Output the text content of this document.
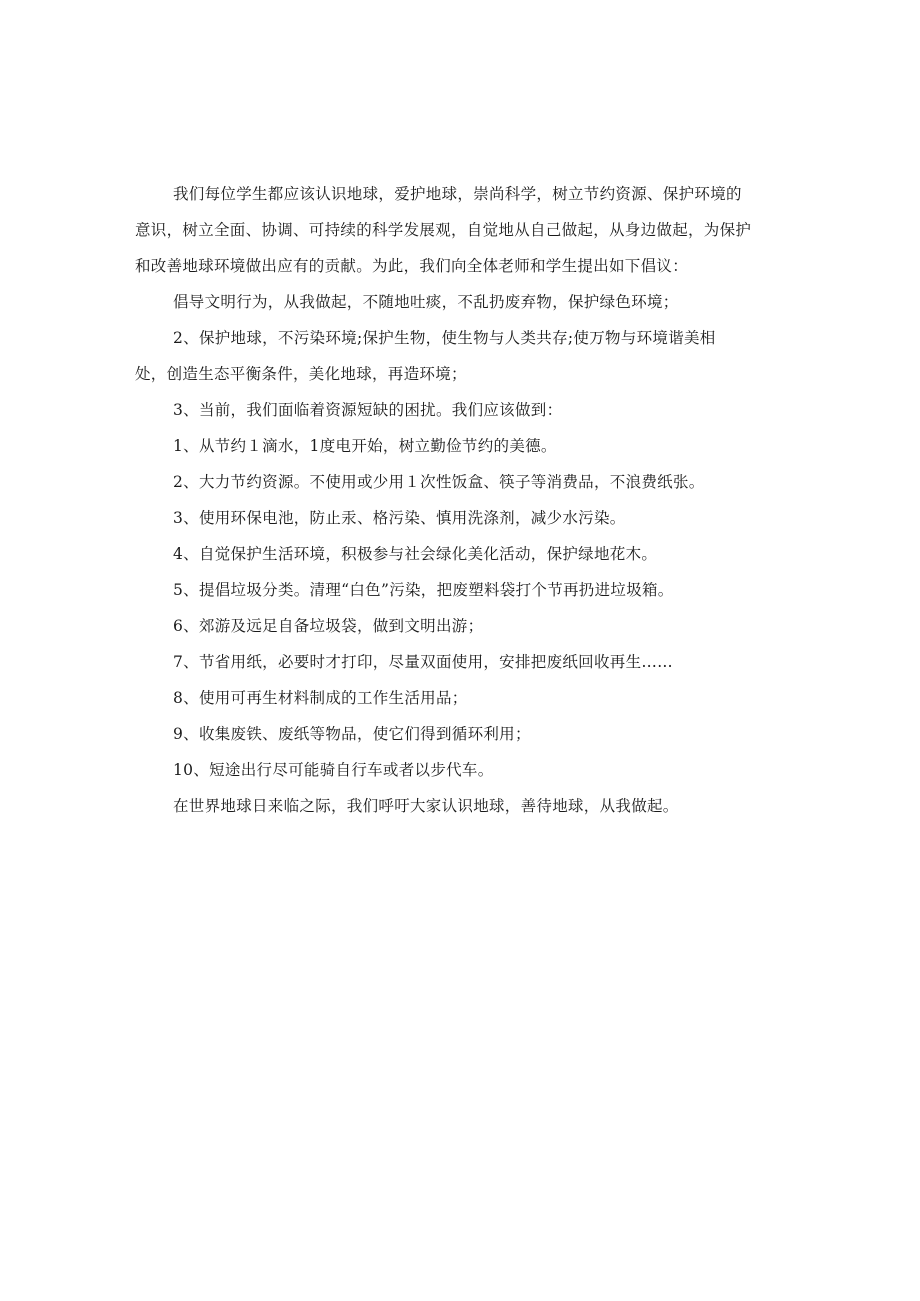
我们每位学生都应该认识地球，爱护地球，崇尚科学，树立节约资源、保护环境的

意识，树立全面、协调、可持续的科学发展观，自觉地从自己做起，从身边做起，为保护

和改善地球环境做出应有的贡献。为此，我们向全体老师和学生提出如下倡议：

倡导文明行为，从我做起，不随地吐痰，不乱扔废弃物，保护绿色环境；

2、保护地球，不污染环境;保护生物，使生物与人类共存;使万物与环境谐美相

处，创造生态平衡条件，美化地球，再造环境；

3、当前，我们面临着资源短缺的困扰。我们应该做到：

1、从节约１滴水，1度电开始，树立勤俭节约的美德。

2、大力节约资源。不使用或少用１次性饭盒、筷子等消费品，不浪费纸张。

3、使用环保电池，防止汞、格污染、慎用洗涤剂，减少水污染。

4、自觉保护生活环境，积极参与社会绿化美化活动，保护绿地花木。

5、提倡垃圾分类。清理“白色”污染，把废塑料袋打个节再扔进垃圾箱。

6、郊游及远足自备垃圾袋，做到文明出游；

7、节省用纸，必要时才打印，尽量双面使用，安排把废纸回收再生……

8、使用可再生材料制成的工作生活用品；

9、收集废铁、废纸等物品，使它们得到循环利用；

10、短途出行尽可能骑自行车或者以步代车。

在世界地球日来临之际，我们呼吁大家认识地球，善待地球，从我做起。
